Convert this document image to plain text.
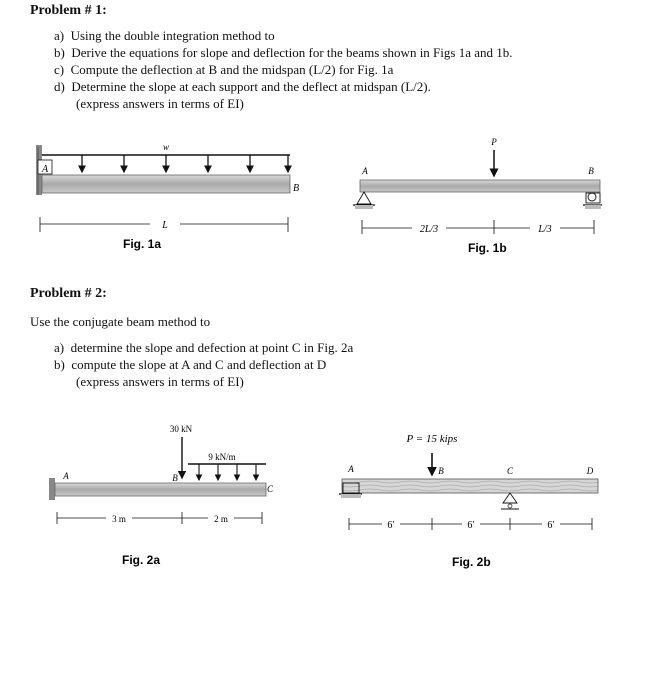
Problem # 1:
a)  Using the double integration method to
b)  Derive the equations for slope and deflection for the beams shown in Figs 1a and 1b.
c)  Compute the deflection at B and the midspan (L/2) for Fig. 1a
d)  Determine the slope at each support and the deflect at midspan (L/2).
(express answers in terms of EI)
A
w
B
L
Fig. 1a
P
A	B
2L/3	L/3
Fig. 1b
30 kN
9 kN/m
A	B
C
3 m	2 m
Fig. 2a
P = 15 kips
A	B	C	D
6′	6′	6′
Fig. 2b
Problem # 2:
Use the conjugate beam method to
a)  determine the slope and defection at point C in Fig. 2a
b)  compute the slope at A and C and deflection at D
(express answers in terms of EI)
